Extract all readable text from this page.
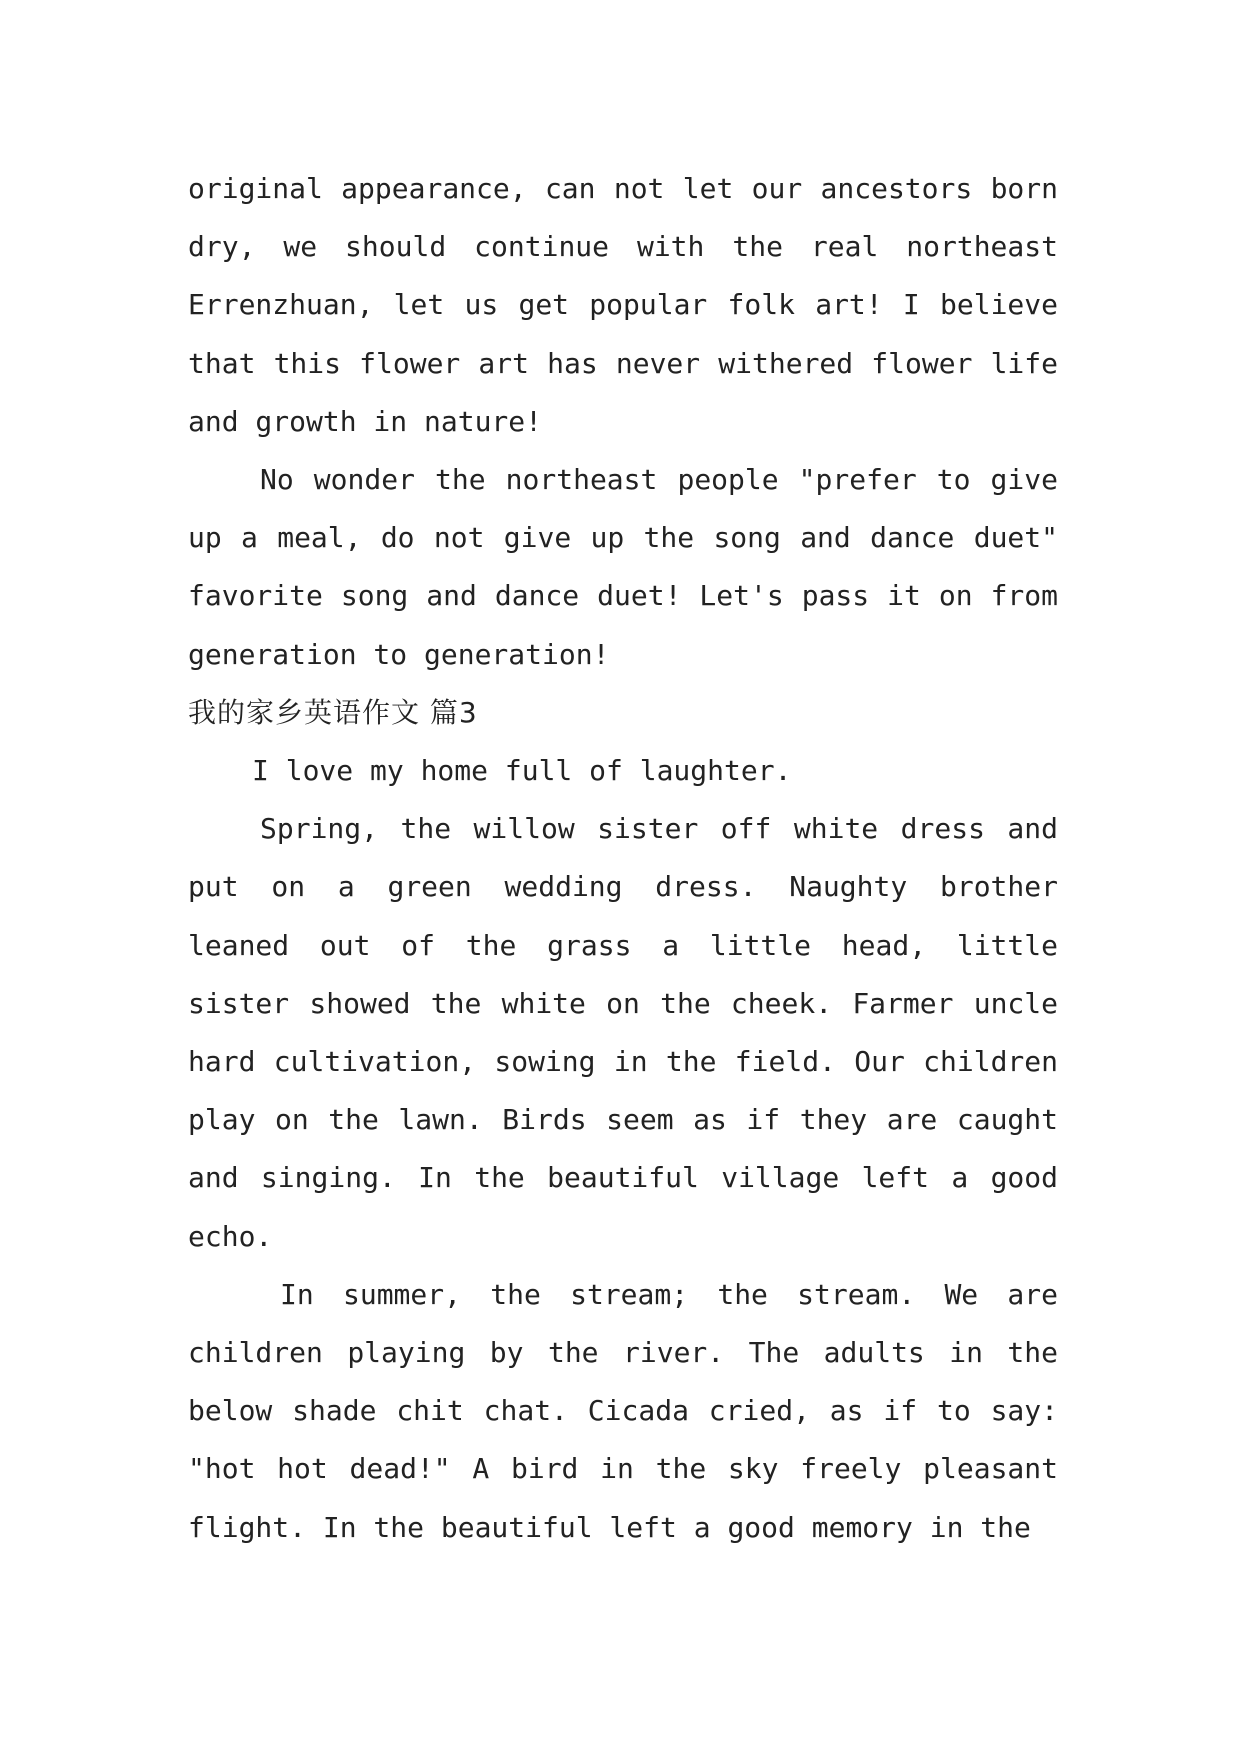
original appearance, can not let our ancestors born dry, we should continue with the real northeast Errenzhuan, let us get popular folk art! I believe that this flower art has never withered flower life and growth in nature!

No wonder the northeast people "prefer to give up a meal, do not give up the song and dance duet" favorite song and dance duet! Let's pass it on from generation to generation!

我的家乡英语作文 篇3

I love my home full of laughter.

Spring, the willow sister off white dress and put on a green wedding dress. Naughty brother leaned out of the grass a little head, little sister showed the white on the cheek. Farmer uncle hard cultivation, sowing in the field. Our children play on the lawn. Birds seem as if they are caught and singing. In the beautiful village left a good echo.

In summer, the stream; the stream. We are children playing by the river. The adults in the below shade chit chat. Cicada cried, as if to say: "hot hot dead!" A bird in the sky freely pleasant flight. In the beautiful left a good memory in the
